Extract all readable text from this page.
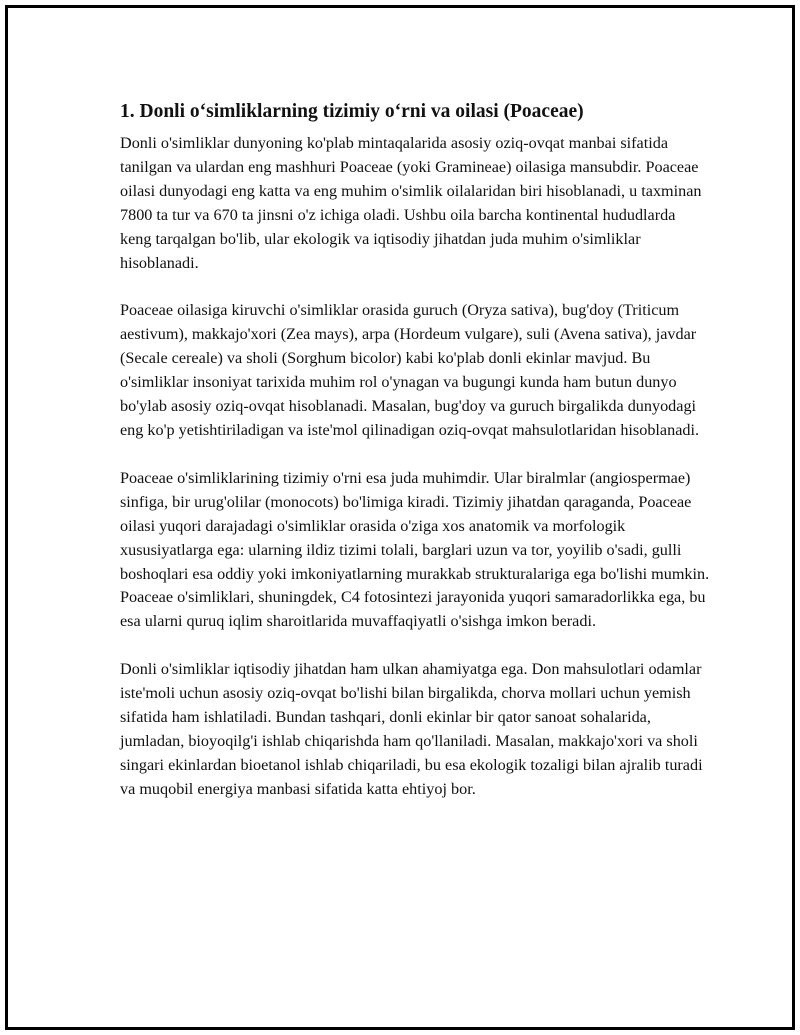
1. Donli o‘simliklarning tizimiy o‘rni va oilasi (Poaceae)

Donli o'simliklar dunyoning ko'plab mintaqalarida asosiy oziq-ovqat manbai sifatida tanilgan va ulardan eng mashhuri Poaceae (yoki Gramineae) oilasiga mansubdir. Poaceae oilasi dunyodagi eng katta va eng muhim o'simlik oilalaridan biri hisoblanadi, u taxminan 7800 ta tur va 670 ta jinsni o'z ichiga oladi. Ushbu oila barcha kontinental hududlarda keng tarqalgan bo'lib, ular ekologik va iqtisodiy jihatdan juda muhim o'simliklar hisoblanadi.

Poaceae oilasiga kiruvchi o'simliklar orasida guruch (Oryza sativa), bug'doy (Triticum aestivum), makkajo'xori (Zea mays), arpa (Hordeum vulgare), suli (Avena sativa), javdar (Secale cereale) va sholi (Sorghum bicolor) kabi ko'plab donli ekinlar mavjud. Bu o'simliklar insoniyat tarixida muhim rol o'ynagan va bugungi kunda ham butun dunyo bo'ylab asosiy oziq-ovqat hisoblanadi. Masalan, bug'doy va guruch birgalikda dunyodagi eng ko'p yetishtiriladigan va iste'mol qilinadigan oziq-ovqat mahsulotlaridan hisoblanadi.

Poaceae o'simliklarining tizimiy o'rni esa juda muhimdir. Ular biralmlar (angiospermae) sinfiga, bir urug'olilar (monocots) bo'limiga kiradi. Tizimiy jihatdan qaraganda, Poaceae oilasi yuqori darajadagi o'simliklar orasida o'ziga xos anatomik va morfologik xususiyatlarga ega: ularning ildiz tizimi tolali, barglari uzun va tor, yoyilib o'sadi, gulli boshoqlari esa oddiy yoki imkoniyatlarning murakkab strukturalariga ega bo'lishi mumkin. Poaceae o'simliklari, shuningdek, C4 fotosintezi jarayonida yuqori samaradorlikka ega, bu esa ularni quruq iqlim sharoitlarida muvaffaqiyatli o'sishga imkon beradi.

Donli o'simliklar iqtisodiy jihatdan ham ulkan ahamiyatga ega. Don mahsulotlari odamlar iste'moli uchun asosiy oziq-ovqat bo'lishi bilan birgalikda, chorva mollari uchun yemish sifatida ham ishlatiladi. Bundan tashqari, donli ekinlar bir qator sanoat sohalarida, jumladan, bioyoqilg'i ishlab chiqarishda ham qo'llaniladi. Masalan, makkajo'xori va sholi singari ekinlardan bioetanol ishlab chiqariladi, bu esa ekologik tozaligi bilan ajralib turadi va muqobil energiya manbasi sifatida katta ehtiyoj bor.
